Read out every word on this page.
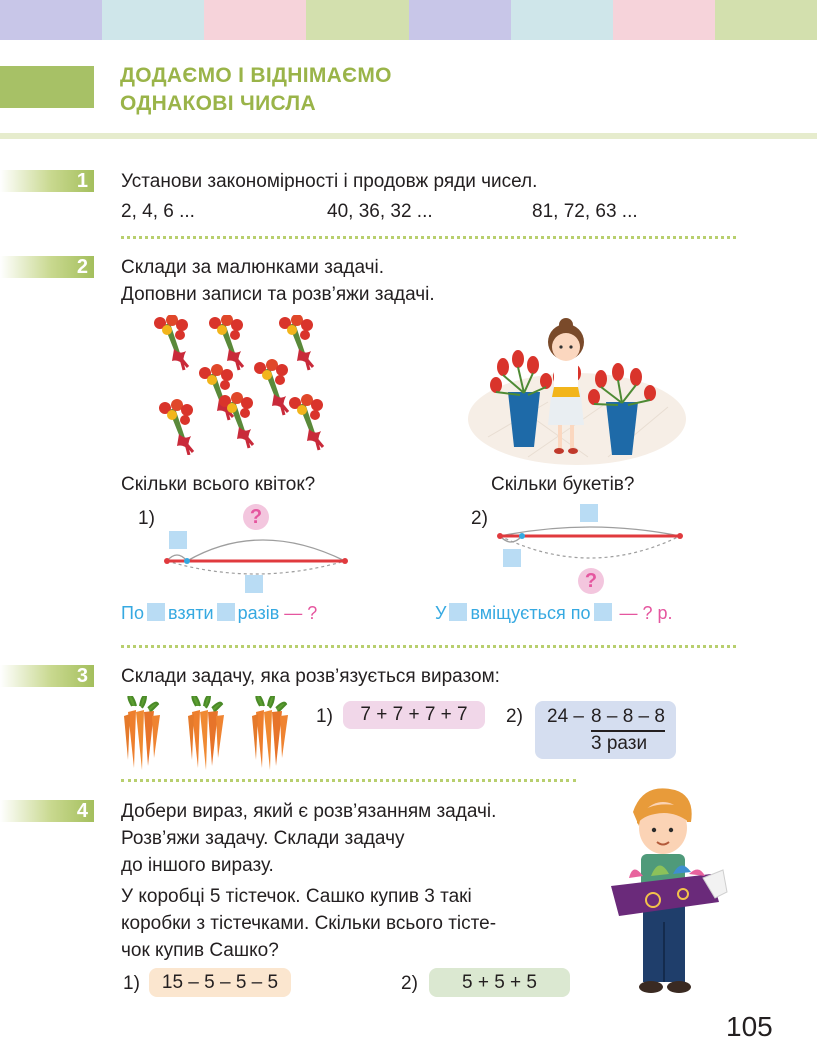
ДОДАЄМО І ВІДНІМАЄМО
ОДНАКОВІ ЧИСЛА
1 Установи закономірності і продовж ряди чисел.
2, 4, 6 ...	40, 36, 32 ...	81, 72, 63 ...
2 Склади за малюнками задачі.
Доповни записи та розв’яжи задачі.
Скільки всього квіток?	Скільки букетів?
1)	?	2)
?
По взяти разів — ?	У вміщується по — ? р.
3 Склади задачу, яка розв’язується виразом:
1)	7 + 7 + 7 + 7	2) 24 – 8 – 8 – 8
3 рази
4 Добери вираз, який є розв’язанням задачі.
Розв’яжи задачу. Склади задачу
до іншого виразу.
У коробці 5 тістечок. Сашко купив 3 такі
коробки з тістечками. Скільки всього тісте-
чок купив Сашко?
1)	15 – 5 – 5 – 5	2)	5 + 5 + 5
105
